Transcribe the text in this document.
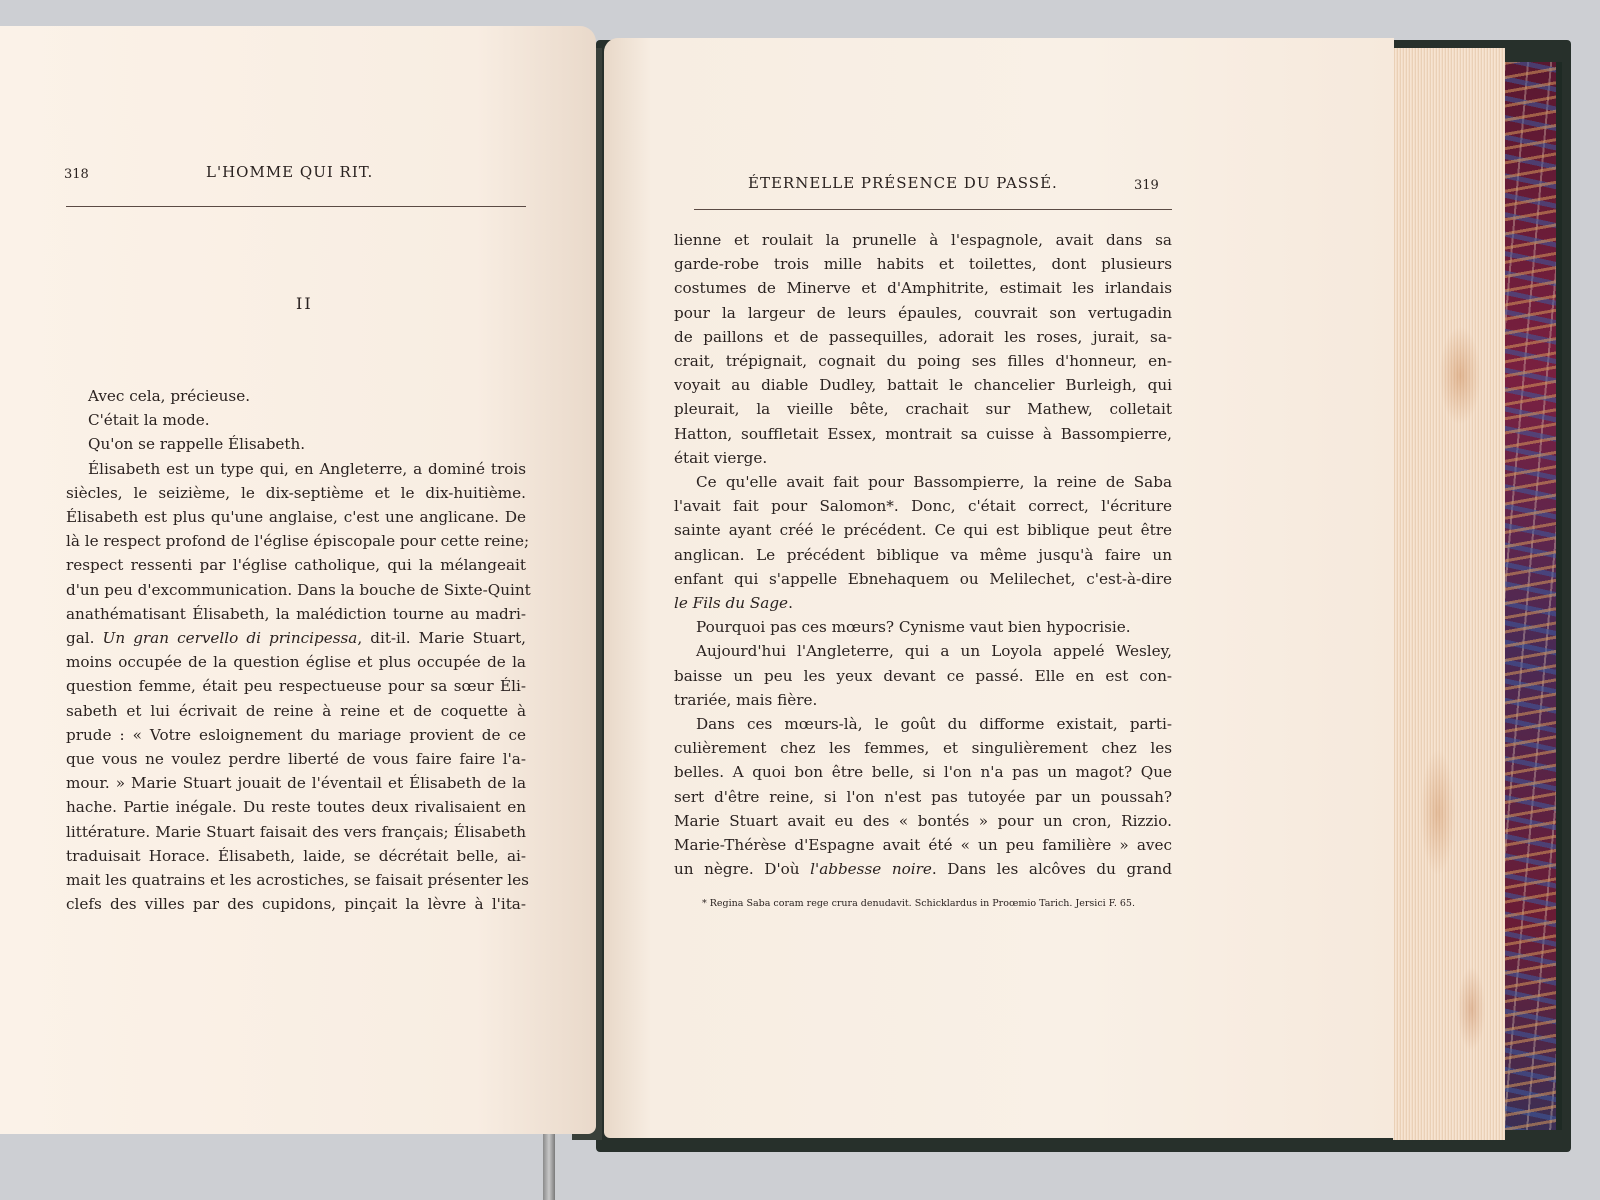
318	L'HOMME QUI RIT.
II
Avec cela, précieuse.
C'était la mode.
Qu'on se rappelle Élisabeth.
Élisabeth est un type qui, en Angleterre, a dominé trois
siècles, le seizième, le dix-septième et le dix-huitième.
Élisabeth est plus qu'une anglaise, c'est une anglicane. De
là le respect profond de l'église épiscopale pour cette reine;
respect ressenti par l'église catholique, qui la mélangeait
d'un peu d'excommunication. Dans la bouche de Sixte-Quint
anathématisant Élisabeth, la malédiction tourne au madri-
gal. Un gran cervello di principessa, dit-il. Marie Stuart,
moins occupée de la question église et plus occupée de la
question femme, était peu respectueuse pour sa sœur Éli-
sabeth et lui écrivait de reine à reine et de coquette à
prude : « Votre esloignement du mariage provient de ce
que vous ne voulez perdre liberté de vous faire faire l'a-
mour. » Marie Stuart jouait de l'éventail et Élisabeth de la
hache. Partie inégale. Du reste toutes deux rivalisaient en
littérature. Marie Stuart faisait des vers français; Élisabeth
traduisait Horace. Élisabeth, laide, se décrétait belle, ai-
mait les quatrains et les acrostiches, se faisait présenter les
clefs des villes par des cupidons, pinçait la lèvre à l'ita-
ÉTERNELLE PRÉSENCE DU PASSÉ.	319
lienne et roulait la prunelle à l'espagnole, avait dans sa
garde-robe trois mille habits et toilettes, dont plusieurs
costumes de Minerve et d'Amphitrite, estimait les irlandais
pour la largeur de leurs épaules, couvrait son vertugadin
de paillons et de passequilles, adorait les roses, jurait, sa-
crait, trépignait, cognait du poing ses filles d'honneur, en-
voyait au diable Dudley, battait le chancelier Burleigh, qui
pleurait, la vieille bête, crachait sur Mathew, colletait
Hatton, souffletait Essex, montrait sa cuisse à Bassompierre,
était vierge.
Ce qu'elle avait fait pour Bassompierre, la reine de Saba
l'avait fait pour Salomon*. Donc, c'était correct, l'écriture
sainte ayant créé le précédent. Ce qui est biblique peut être
anglican. Le précédent biblique va même jusqu'à faire un
enfant qui s'appelle Ebnehaquem ou Melilechet, c'est-à-dire
le Fils du Sage.
Pourquoi pas ces mœurs? Cynisme vaut bien hypocrisie.
Aujourd'hui l'Angleterre, qui a un Loyola appelé Wesley,
baisse un peu les yeux devant ce passé. Elle en est con-
trariée, mais fière.
Dans ces mœurs-là, le goût du difforme existait, parti-
culièrement chez les femmes, et singulièrement chez les
belles. A quoi bon être belle, si l'on n'a pas un magot? Que
sert d'être reine, si l'on n'est pas tutoyée par un poussah?
Marie Stuart avait eu des « bontés » pour un cron, Rizzio.
Marie-Thérèse d'Espagne avait été « un peu familière » avec
un nègre. D'où l'abbesse noire. Dans les alcôves du grand
* Regina Saba coram rege crura denudavit. Schicklardus in Proœmio Tarich. Jersici F. 65.
